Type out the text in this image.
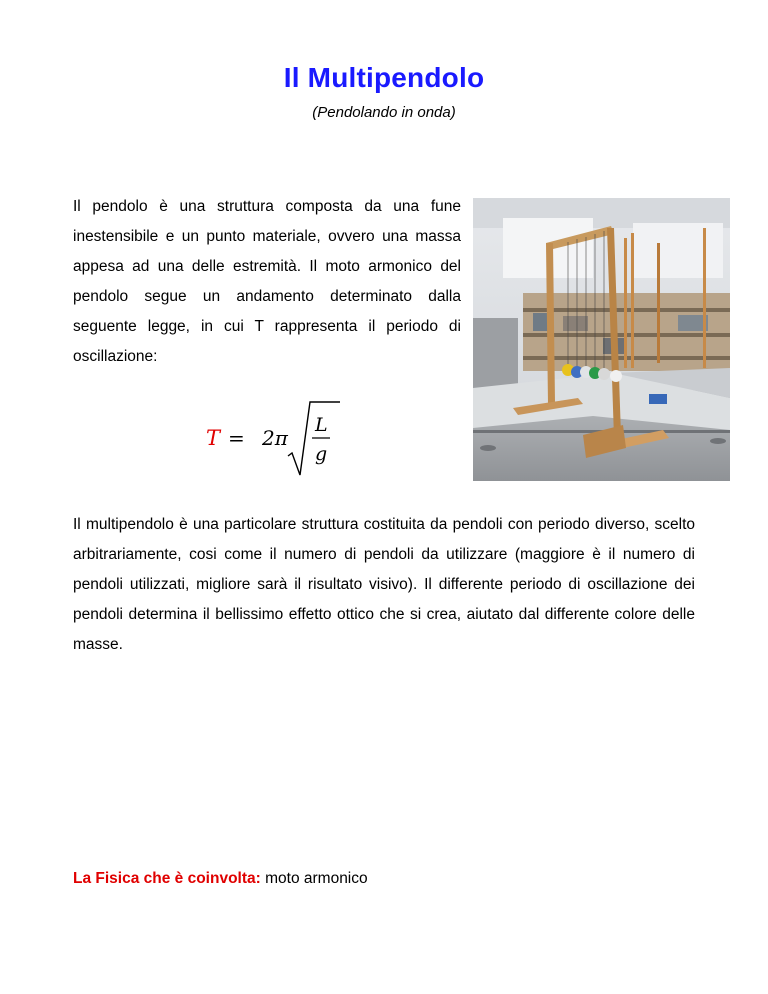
Il Multipendolo
(Pendolando in onda)

Il pendolo è una struttura composta da una fune inestensibile e un punto materiale, ovvero una massa appesa ad una delle estremità. Il moto armonico del pendolo segue un andamento determinato dalla seguente legge, in cui T rappresenta il periodo di oscillazione:

T = 2π
L
g

Il multipendolo è una particolare struttura costituita da pendoli con periodo diverso, scelto arbitrariamente, cosi come il numero di pendoli da utilizzare (maggiore è il numero di pendoli utilizzati, migliore sarà il risultato visivo). Il differente periodo di oscillazione dei pendoli determina il bellissimo effetto ottico che si crea, aiutato dal differente colore delle masse.

La Fisica che è coinvolta: moto armonico
